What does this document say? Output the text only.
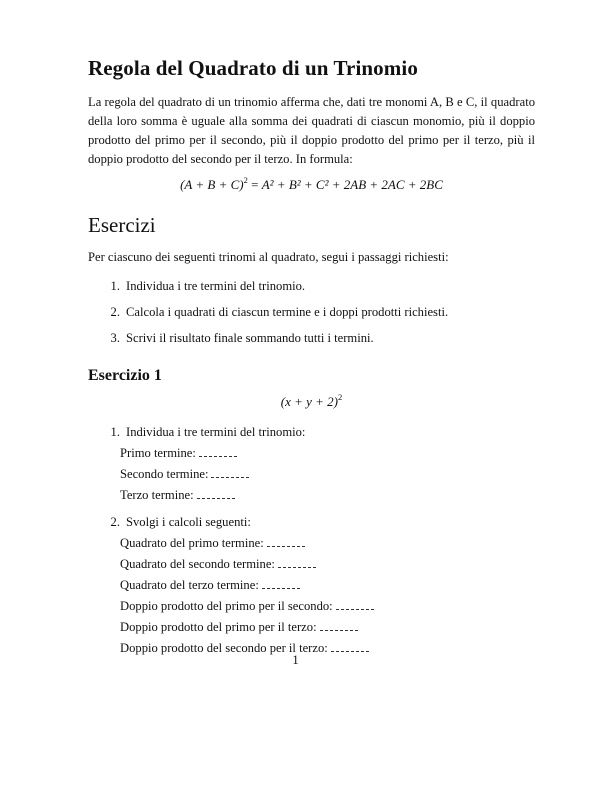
Regola del Quadrato di un Trinomio

La regola del quadrato di un trinomio afferma che, dati tre monomi A, B e C, il quadrato della loro somma è uguale alla somma dei quadrati di ciascun monomio, più il doppio prodotto del primo per il secondo, più il doppio prodotto del primo per il terzo, più il doppio prodotto del secondo per il terzo. In formula:

$(A + B + C)^2 = A^2 + B^2 + C^2 + 2AB + 2AC + 2BC$
Esercizi

Per ciascuno dei seguenti trinomi al quadrato, segui i passaggi richiesti:

1. Individua i tre termini del trinomio.
2. Calcola i quadrati di ciascun termine e i doppi prodotti richiesti.
3. Scrivi il risultato finale sommando tutti i termini.
Esercizio 1
$(x + y + 2)^2$
1. Individua i tre termini del trinomio:
Primo termine:
Secondo termine:
Terzo termine:
2. Svolgi i calcoli seguenti:
Quadrato del primo termine:
Quadrato del secondo termine:
Quadrato del terzo termine:
Doppio prodotto del primo per il secondo:
Doppio prodotto del primo per il terzo:
Doppio prodotto del secondo per il terzo:
1
